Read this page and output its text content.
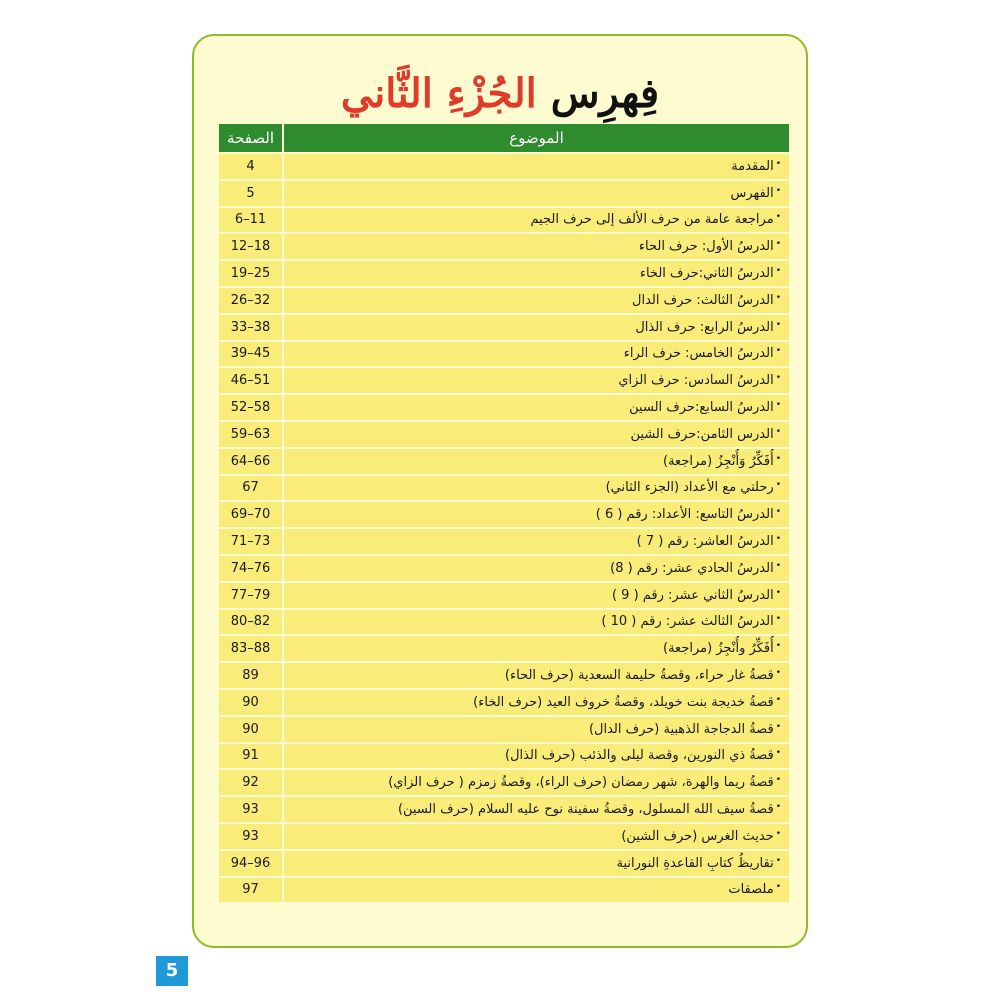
فِهرِس الجُزْءِ الثَّاني
الموضوع	الصفحة
•المقدمة	4
•الفهرس	5
•مراجعة عامة من حرف الألف إلى حرف الجيم	6–11
•الدرسُ الأول: حرف الحاء	12–18
•الدرسُ الثاني:حرف الخاء	19–25
•الدرسُ الثالث: حرف الدال	26–32
•الدرسُ الرابع: حرف الذال	33–38
•الدرسُ الخامس: حرف الراء	39–45
•الدرسُ السادس: حرف الزاي	46–51
•الدرسُ السابع:حرف السين	52–58
•الدرس الثامن:حرف الشين	59–63
•أُفَكِّرُ وَأُنْجِزُ (مراجعة)	64–66
•رحلتي مع الأعداد (الجزء الثاني)	67
•الدرسُ التاسع: الأعداد: رقم ( 6 )	69–70
•الدرسُ العاشر: رقم ( 7 )	71–73
•الدرسُ الحادي عشر: رقم ( 8)	74–76
•الدرسُ الثاني عشر: رقم ( 9 )	77–79
•الدرسُ الثالث عشر: رقم ( 10 )	80–82
•أُفَكِّرُ وأُنْجِزُ (مراجعة)	83–88
•قصةُ غار حراء، وقصةُ حليمة السعدية (حرف الحاء)	89
•قصةُ خديجة بنت خويلد، وقصةُ خروف العيد (حرف الخاء)	90
•قصةُ الدجاجة الذهبية (حرف الدال)	90
•قصةُ ذي النورين، وقصة ليلى والذئب (حرف الذال)	91
•قصةُ ريما والهرة، شهر رمضان (حرف الراء)، وقصةُ زمزم ( حرف الزاي)	92
•قصةُ سيف الله المسلول، وقصةُ سفينة نوح عليه السلام (حرف السين)	93
•حديث الغرس (حرف الشين)	93
•تقاريظُ كتابِ القاعدةِ النورانية	94–96
•ملصقات	97
5
